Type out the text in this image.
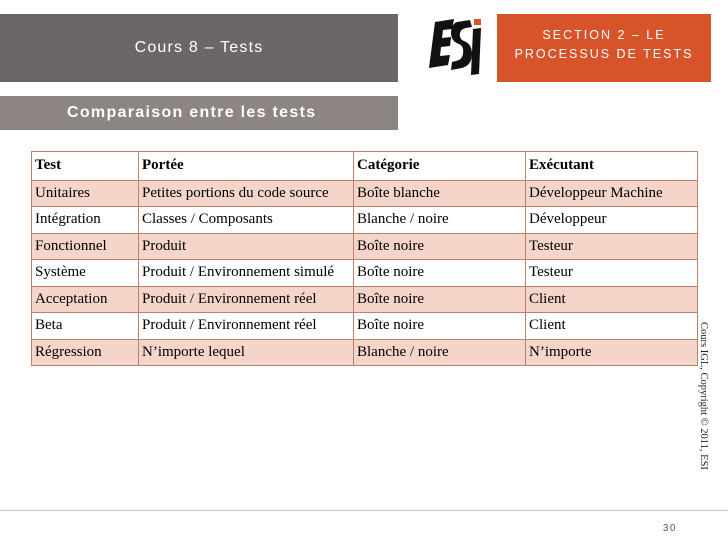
Cours 8 – Tests
SECTION 2 – LE
PROCESSUS DE TESTS
Comparaison entre les tests
Test	Portée	Catégorie	Exécutant
Unitaires	Petites portions du code source	Boîte blanche	Développeur Machine
Intégration	Classes / Composants	Blanche / noire	Développeur
Fonctionnel	Produit	Boîte noire	Testeur
Système	Produit / Environnement simulé	Boîte noire	Testeur
Acceptation	Produit / Environnement réel	Boîte noire	Client
Beta	Produit / Environnement réel	Boîte noire	Client
Régression	N’importe lequel	Blanche / noire	N’importe	Cours IGL, Copyright © 2011, ESI
30
